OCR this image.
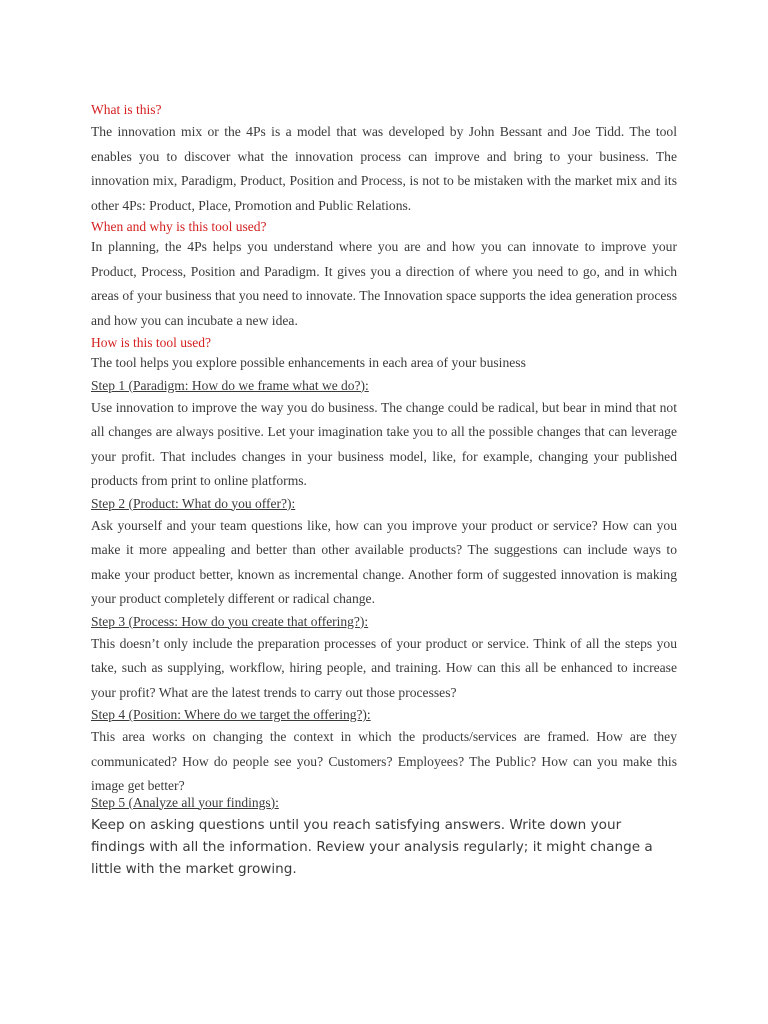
What is this?

The innovation mix or the 4Ps is a model that was developed by John Bessant and Joe Tidd. The tool enables you to discover what the innovation process can improve and bring to your business. The innovation mix, Paradigm, Product, Position and Process, is not to be mistaken with the market mix and its other 4Ps: Product, Place, Promotion and Public Relations.

When and why is this tool used?

In planning, the 4Ps helps you understand where you are and how you can innovate to improve your Product, Process, Position and Paradigm. It gives you a direction of where you need to go, and in which areas of your business that you need to innovate. The Innovation space supports the idea generation process and how you can incubate a new idea.

How is this tool used?

The tool helps you explore possible enhancements in each area of your business

Step 1 (Paradigm: How do we frame what we do?):

Use innovation to improve the way you do business. The change could be radical, but bear in mind that not all changes are always positive. Let your imagination take you to all the possible changes that can leverage your profit. That includes changes in your business model, like, for example, changing your published products from print to online platforms.

Step 2 (Product: What do you offer?):

Ask yourself and your team questions like, how can you improve your product or service? How can you make it more appealing and better than other available products? The suggestions can include ways to make your product better, known as incremental change. Another form of suggested innovation is making your product completely different or radical change.

Step 3 (Process: How do you create that offering?):

This doesn’t only include the preparation processes of your product or service. Think of all the steps you take, such as supplying, workflow, hiring people, and training. How can this all be enhanced to increase your profit? What are the latest trends to carry out those processes?

Step 4 (Position: Where do we target the offering?):

This area works on changing the context in which the products/services are framed. How are they communicated? How do people see you? Customers? Employees? The Public? How can you make this image get better?

Step 5 (Analyze all your findings):

Keep on asking questions until you reach satisfying answers. Write down your findings with all the information. Review your analysis regularly; it might change a little with the market growing.
